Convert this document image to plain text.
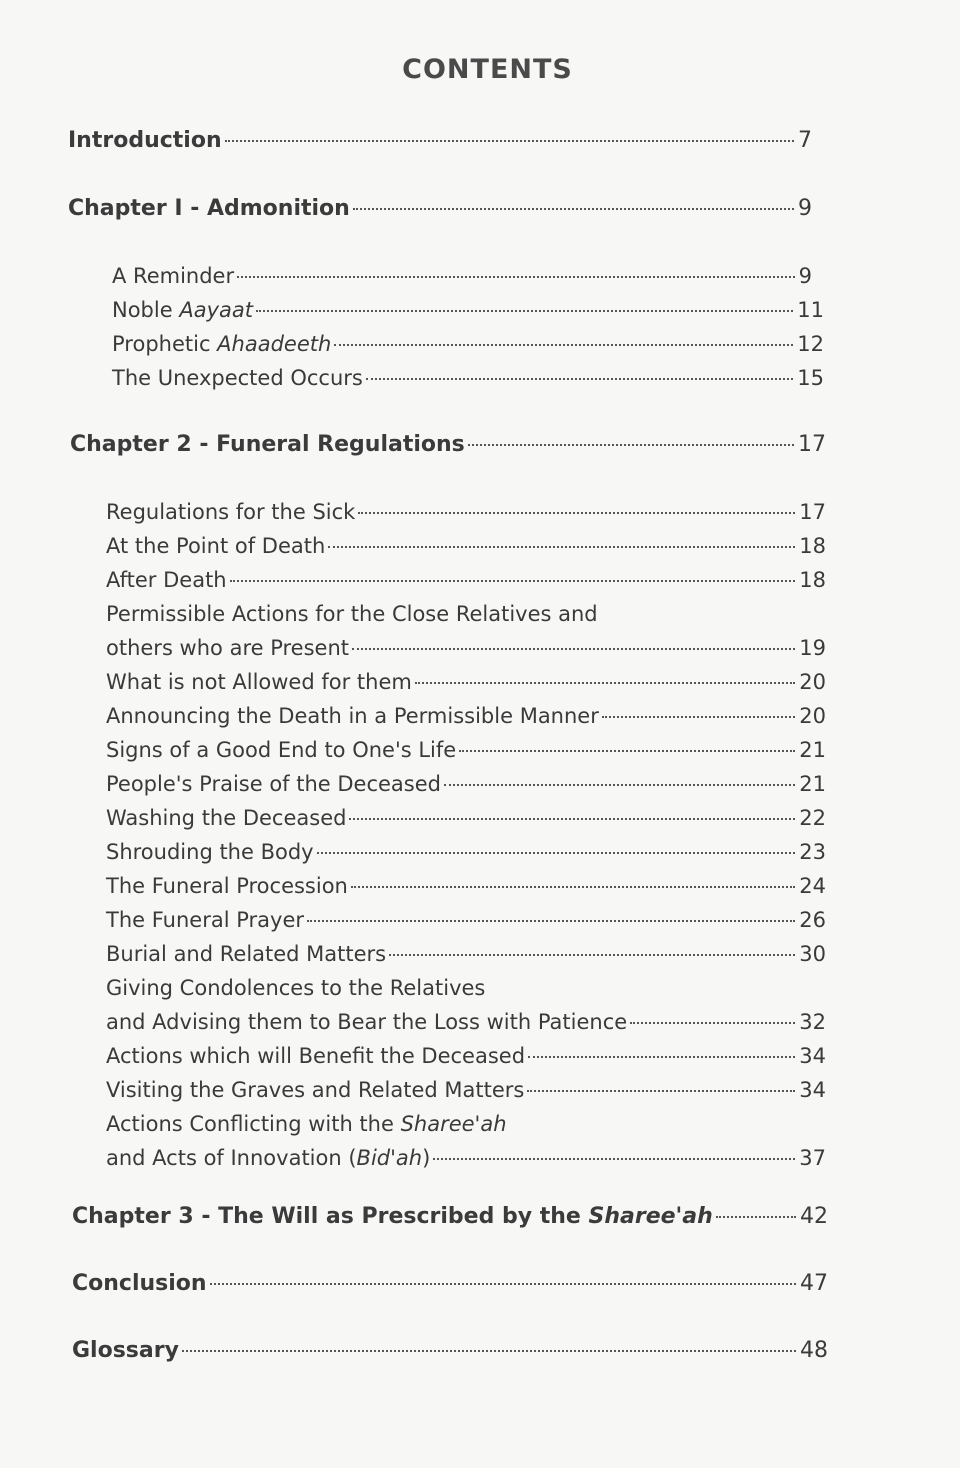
CONTENTS
Introduction	7
Chapter I - Admonition	9
A Reminder	9
Noble Aayaat	11
Prophetic Ahaadeeth	12
The Unexpected Occurs	15
Chapter 2 - Funeral Regulations	17
Regulations for the Sick	17
At the Point of Death	18
After Death	18
Permissible Actions for the Close Relatives and
others who are Present	19
What is not Allowed for them	20
Announcing the Death in a Permissible Manner	20
Signs of a Good End to One's Life	21
People's Praise of the Deceased	21
Washing the Deceased	22
Shrouding the Body	23
The Funeral Procession	24
The Funeral Prayer	26
Burial and Related Matters	30
Giving Condolences to the Relatives
and Advising them to Bear the Loss with Patience	32
Actions which will Benefit the Deceased	34
Visiting the Graves and Related Matters	34
Actions Conflicting with the Sharee'ah
and Acts of Innovation (Bid'ah)	37
Chapter 3 - The Will as Prescribed by the Sharee'ah	42
Conclusion	47
Glossary	48
